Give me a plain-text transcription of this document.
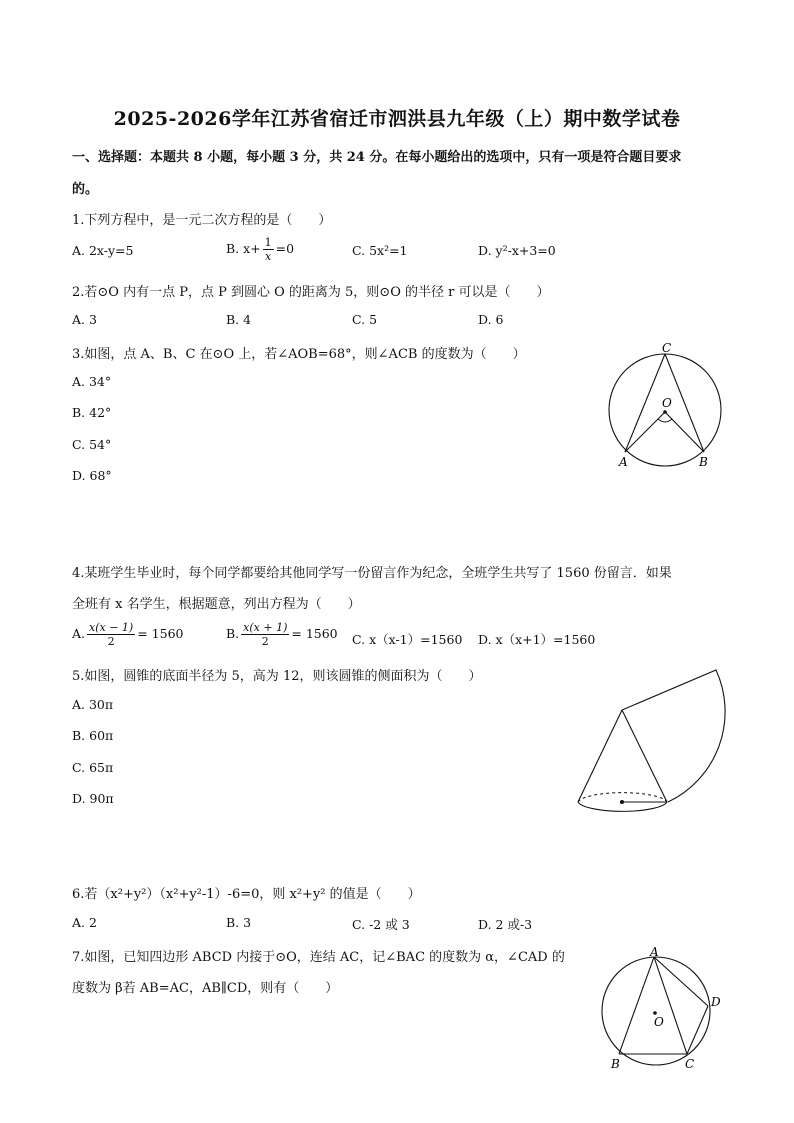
2025-2026学年江苏省宿迁市泗洪县九年级（上）期中数学试卷
一、选择题：本题共 8 小题，每小题 3 分，共 24 分。在每小题给出的选项中，只有一项是符合题目要求
的。
1.下列方程中，是一元二次方程的是（　　）
A. 2x-y=5	B. $x+ \frac{1}{x} =0$	C. 5x²=1	D. y²-x+3=0
2.若⊙O 内有一点 P，点 P 到圆心 O 的距离为 5，则⊙O 的半径 r 可以是（　　）
A. 3	B. 4	C. 5	D. 6
3.如图，点 A、B、C 在⊙O 上，若∠AOB=68°，则∠ACB 的度数为（　　）
A. 34°
B. 42°
C. 54°
D. 68°
C
O
A	B
4.某班学生毕业时，每个同学都要给其他同学写一份留言作为纪念，全班学生共写了 1560 份留言．如果
全班有 x 名学生，根据题意，列出方程为（　　）
A. $\frac{x(x - 1)}{2} = 1560$	B. $\frac{x(x + 1)}{2} = 1560$ C. x（x-1）=1560 D. x（x+1）=1560
5.如图，圆锥的底面半径为 5，高为 12，则该圆锥的侧面积为（　　）
A. 30π
B. 60π
C. 65π
D. 90π
6.若（x²+y²）（x²+y²-1）-6=0，则 x²+y² 的值是（　　）
A. 2	B. 3	C. -2 或 3	D. 2 或-3
7.如图，已知四边形 ABCD 内接于⊙O，连结 AC，记∠BAC 的度数为 α，∠CAD 的
度数为 β若 AB=AC，AB∥CD，则有（　　）
A
D
O
B	C
